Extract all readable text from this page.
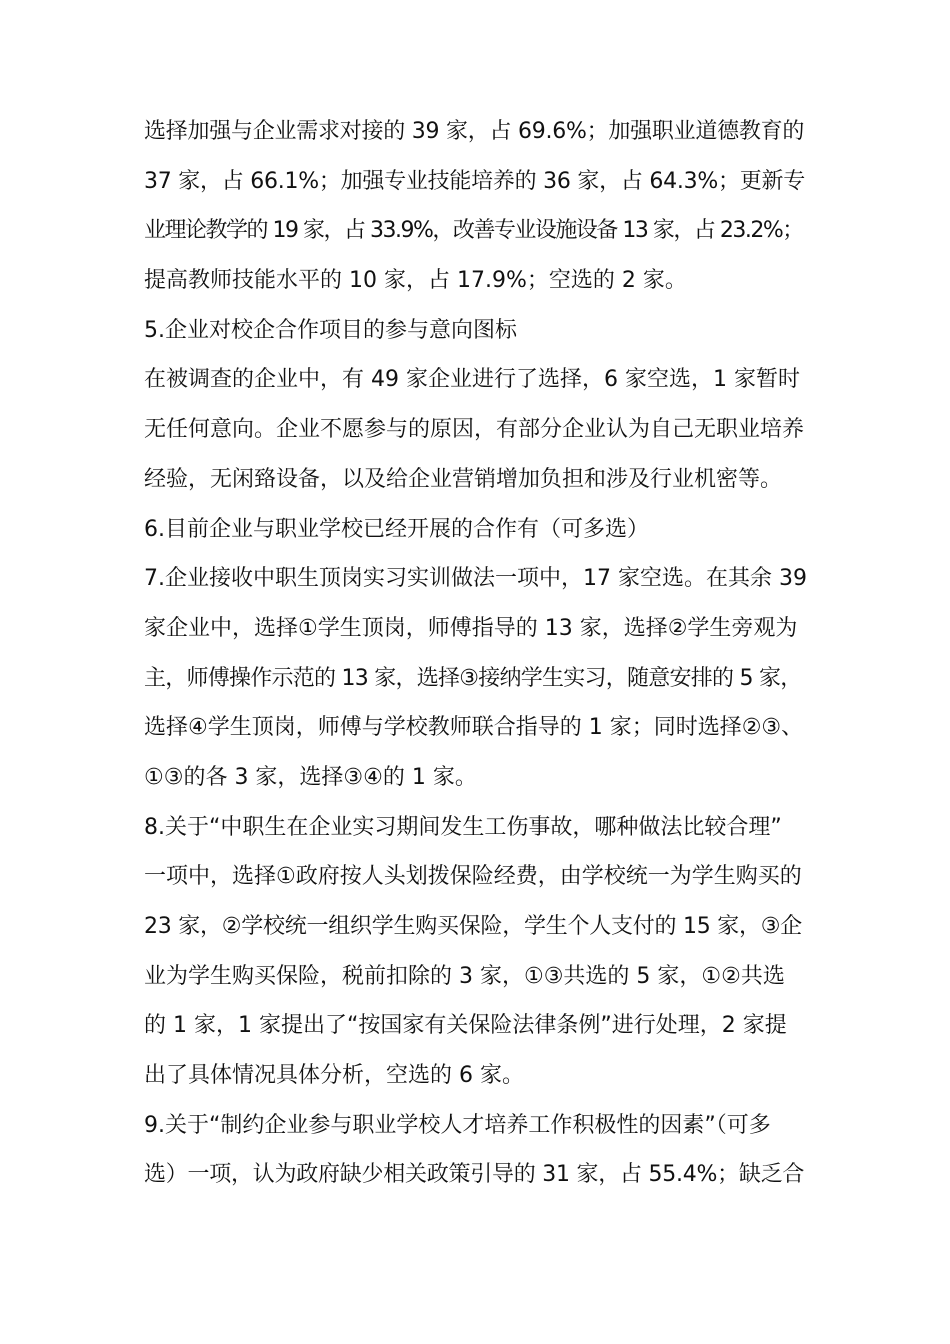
选择加强与企业需求对接的 39 家，占 69.6%；加强职业道德教育的
37 家，占 66.1%；加强专业技能培养的 36 家，占 64.3%；更新专
业理论教学的 19 家，占 33.9%，改善专业设施设备 13 家，占 23.2%；
提高教师技能水平的 10 家，占 17.9%；空选的 2 家。
5.企业对校企合作项目的参与意向图标
在被调查的企业中，有 49 家企业进行了选择，6 家空选，1 家暂时
无任何意向。企业不愿参与的原因，有部分企业认为自己无职业培养
经验，无闲臵设备，以及给企业营销增加负担和涉及行业机密等。
6.目前企业与职业学校已经开展的合作有（可多选）
7.企业接收中职生顶岗实习实训做法一项中，17 家空选。在其余 39
家企业中，选择①学生顶岗，师傅指导的 13 家，选择②学生旁观为
主，师傅操作示范的 13 家，选择③接纳学生实习，随意安排的 5 家，
选择④学生顶岗，师傅与学校教师联合指导的 1 家；同时选择②③、
①③的各 3 家，选择③④的 1 家。
8.关于“中职生在企业实习期间发生工伤事故，哪种做法比较合理”
一项中，选择①政府按人头划拨保险经费，由学校统一为学生购买的
23 家，②学校统一组织学生购买保险，学生个人支付的 15 家，③企
业为学生购买保险，税前扣除的 3 家，①③共选的 5 家，①②共选
的 1 家，1 家提出了“按国家有关保险法律条例”进行处理，2 家提
出了具体情况具体分析，空选的 6 家。
9.关于“制约企业参与职业学校人才培养工作积极性的因素”（可多
选）一项，认为政府缺少相关政策引导的 31 家，占 55.4%；缺乏合
